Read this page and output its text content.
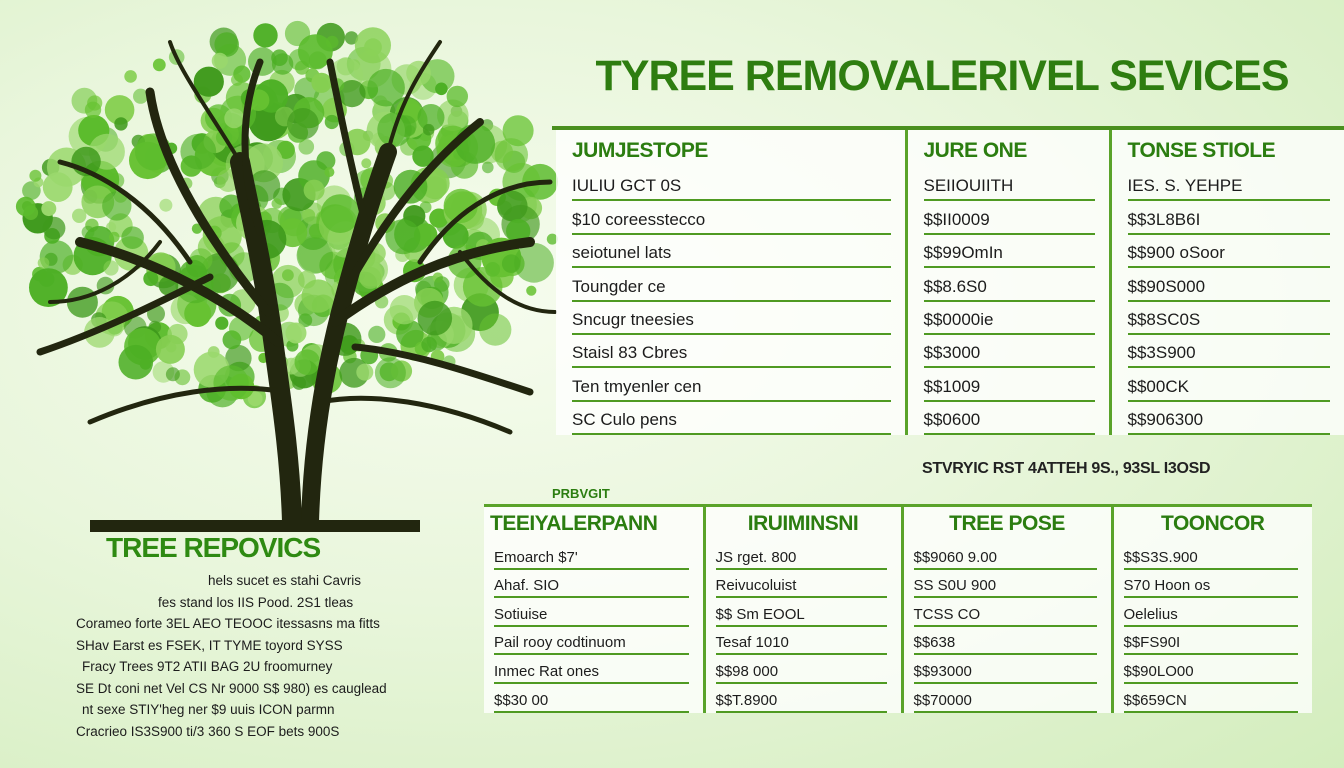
TYREE REMOVALERIVEL SEVICES
JUMJESTOPE	JURE ONE	TONSE STIOLE

IULIU GCT 0S	SEIIOUIITH	IES. S. YEHPE

$10 coreesstecco	$$II0009	$$3L8B6I

seiotunel lats	$$99OmIn	$$900 oSoor

Toungder ce	$$8.6S0	$$90S000

Sncugr tneesies	$$0000ie	$$8SC0S

Staisl 83 Cbres	$$3000	$$3S900

Ten tmyenler cen	$$1009	$$00CK

SC Culo pens	$$0600	$$906300
PRBVGIT
STVRYIC RST 4ATTEH 9S., 93SL I3OSD
TEEIYALERPANN	IRUIMINSNI	TREE POSE	TOONCOR

Emoarch $7'	JS rget. 800	$$9060 9.00	$$S3S.900

Ahaf. SIO	Reivucoluist	SS S0U 900	S70 Hoon os

Sotiuise	$$ Sm EOOL	TCSS CO	Oelelius

Pail rooy codtinuom	Tesaf 1010	$$638	$$FS90I

Inmec Rat ones	$$98 000	$$93000	$$90LO00

$$30 00	$$T.8900	$$70000	$$659CN
TREE REPOVICS
hels sucet es stahi Cavris
fes stand los IIS Pood. 2S1 tleas
Corameo forte 3EL AEO TEOOC itessasns ma fitts
SHav Earst es FSEK, IT TYME toyord SYSS
Fracy Trees 9T2 ATII BAG 2U froomurney
SE Dt coni net Vel CS Nr 9000 S$ 980) es cauglead
nt sexe STIY'heg ner $9 uuis ICON parmn
Cracrieo IS3S900 ti/3 360 S EOF bets 900S
